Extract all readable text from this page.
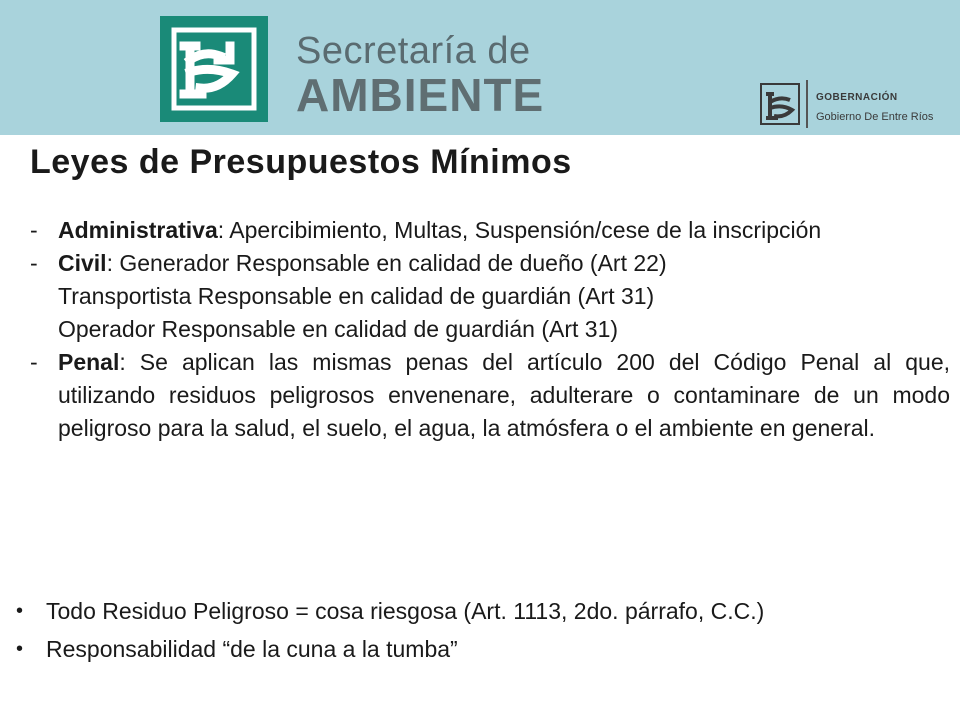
Secretaría de
AMBIENTE	GOBERNACIÓN
Gobierno De Entre Ríos
Leyes de Presupuestos Mínimos
- Administrativa: Apercibimiento, Multas, Suspensión/cese de la inscripción
- Civil: Generador Responsable en calidad de dueño (Art 22)
Transportista Responsable en calidad de guardián (Art 31)
Operador Responsable en calidad de guardián (Art 31)
- Penal: Se aplican las mismas penas del artículo 200 del Código Penal al que, utilizando residuos peligrosos envenenare, adulterare o contaminare de un modo peligroso para la salud, el suelo, el agua, la atmósfera o el ambiente en general.
• Todo Residuo Peligroso = cosa riesgosa (Art. 1113, 2do. párrafo, C.C.)
• Responsabilidad “de la cuna a la tumba”
